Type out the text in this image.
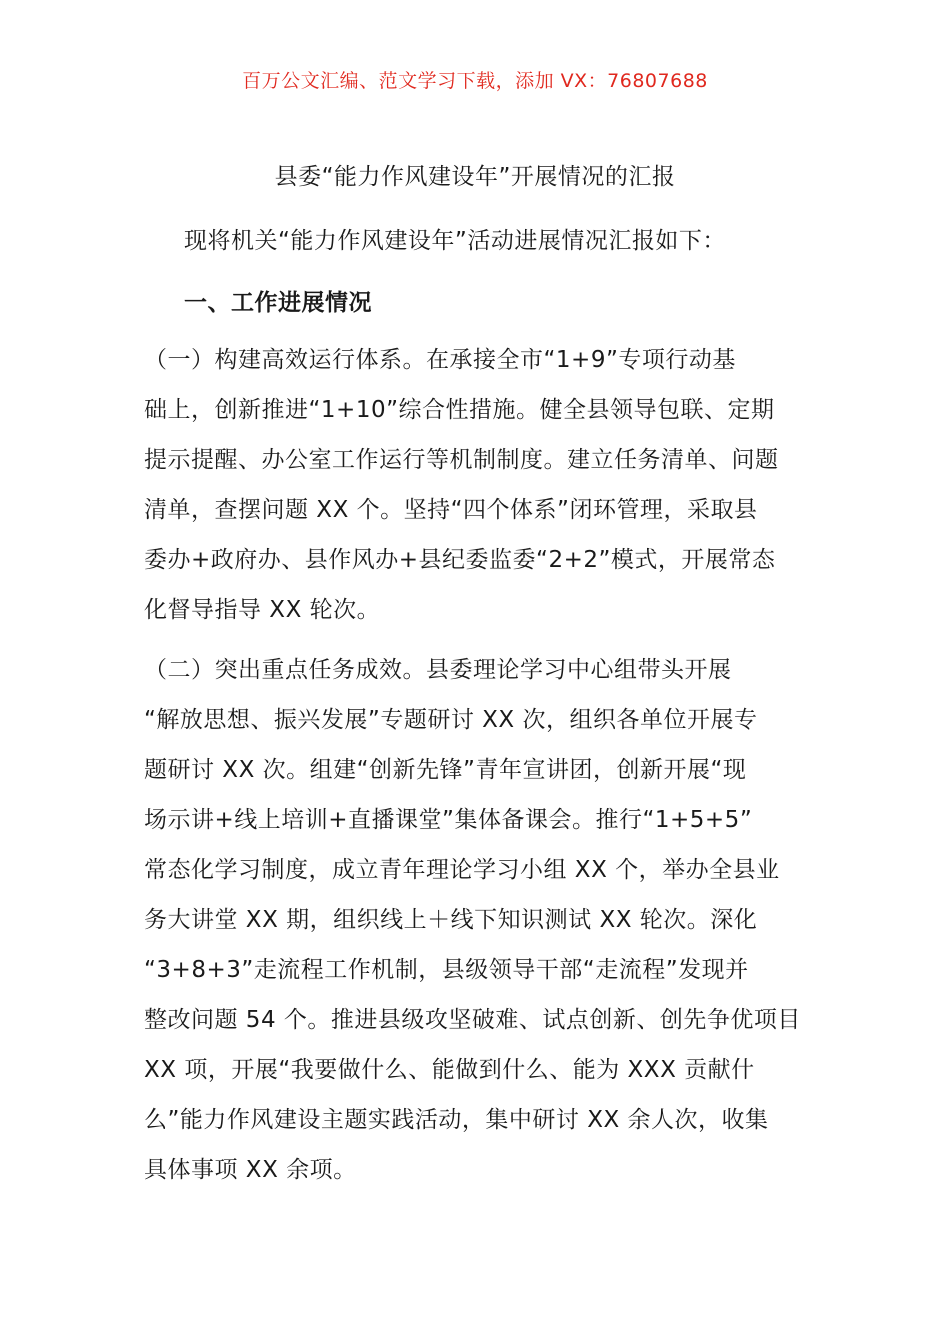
百万公文汇编、范文学习下载，添加 VX：76807688
县委“能力作风建设年”开展情况的汇报
现将机关“能力作风建设年”活动进展情况汇报如下：
一、工作进展情况
（一）构建高效运行体系。在承接全市“1+9”专项行动基
础上，创新推进“1+10”综合性措施。健全县领导包联、定期
提示提醒、办公室工作运行等机制制度。建立任务清单、问题
清单，查摆问题 XX 个。坚持“四个体系”闭环管理，采取县
委办+政府办、县作风办+县纪委监委“2+2”模式，开展常态
化督导指导 XX 轮次。
（二）突出重点任务成效。县委理论学习中心组带头开展
“解放思想、振兴发展”专题研讨 XX 次，组织各单位开展专
题研讨 XX 次。组建“创新先锋”青年宣讲团，创新开展“现
场示讲+线上培训+直播课堂”集体备课会。推行“1+5+5”
常态化学习制度，成立青年理论学习小组 XX 个，举办全县业
务大讲堂 XX 期，组织线上＋线下知识测试 XX 轮次。深化
“3+8+3”走流程工作机制，县级领导干部“走流程”发现并
整改问题 54 个。推进县级攻坚破难、试点创新、创先争优项目
XX 项，开展“我要做什么、能做到什么、能为 XXX 贡献什
么”能力作风建设主题实践活动，集中研讨 XX 余人次，收集
具体事项 XX 余项。
